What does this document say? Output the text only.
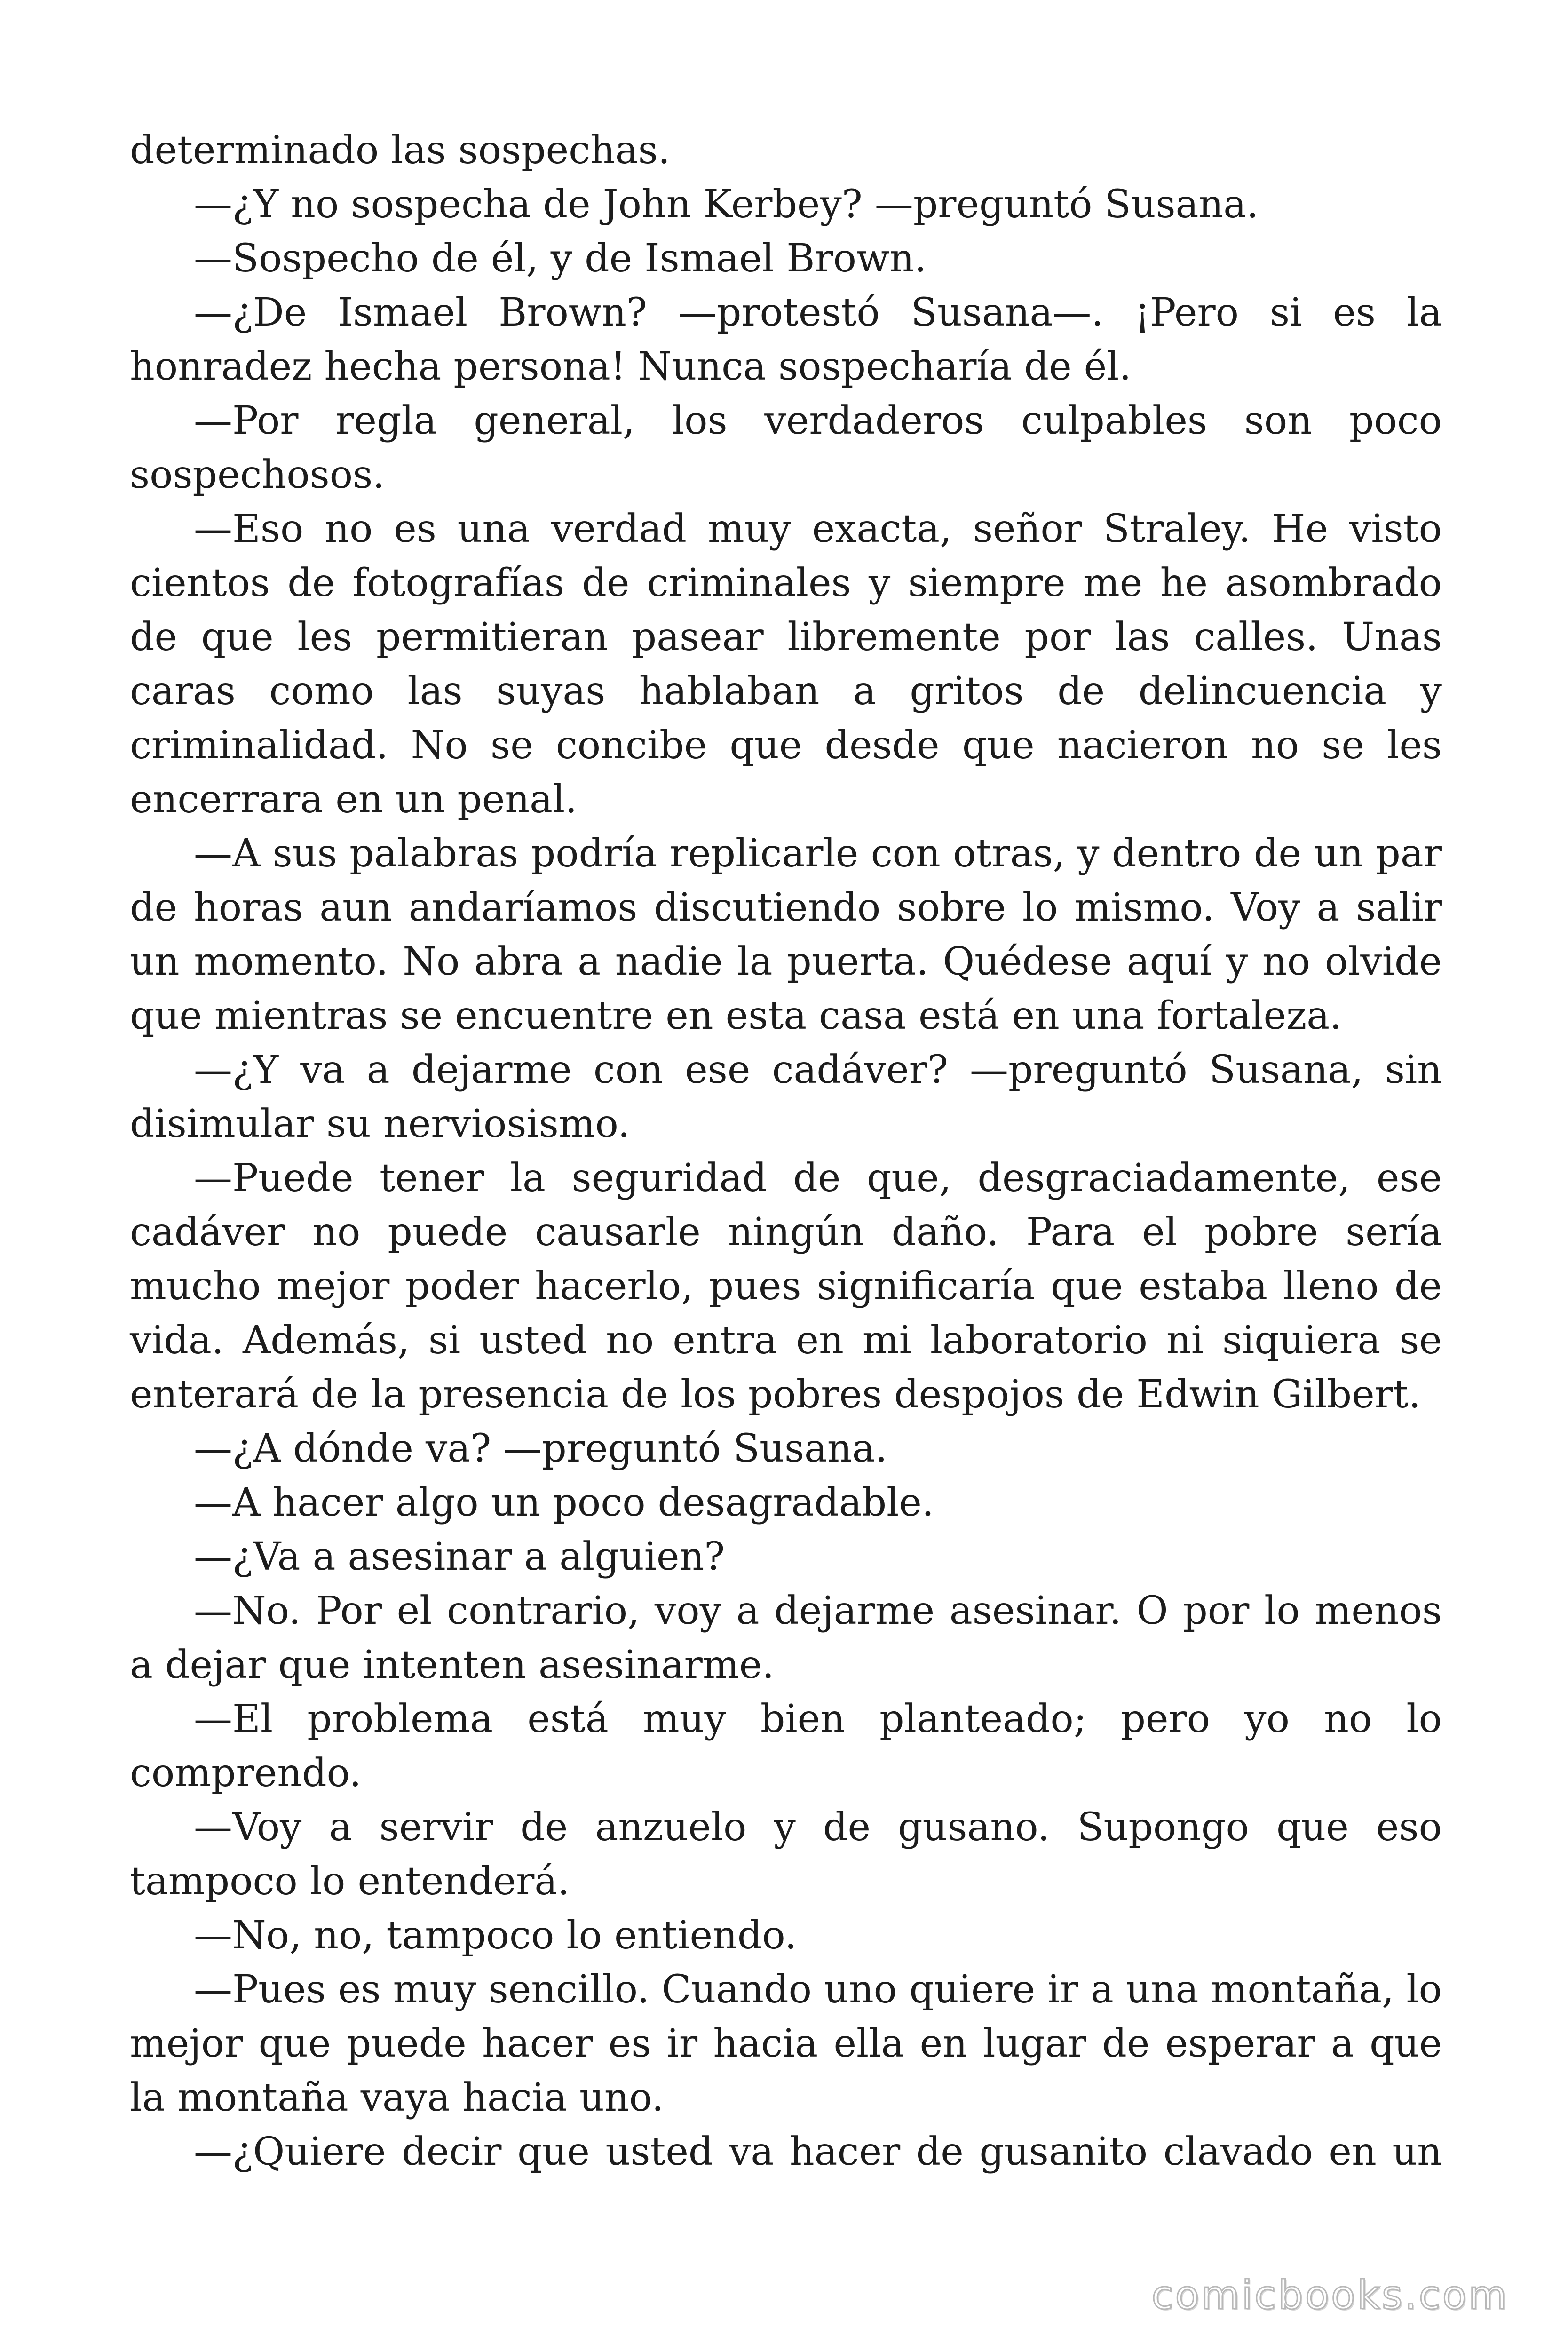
determinado las sospechas.

—¿Y no sospecha de John Kerbey? —preguntó Susana.

—Sospecho de él, y de Ismael Brown.

—¿De Ismael Brown? —protestó Susana—. ¡Pero si es la honradez hecha persona! Nunca sospecharía de él.

—Por regla general, los verdaderos culpables son poco sospechosos.

—Eso no es una verdad muy exacta, señor Straley. He visto cientos de fotografías de criminales y siempre me he asombrado de que les permitieran pasear libremente por las calles. Unas caras como las suyas hablaban a gritos de delincuencia y criminalidad. No se concibe que desde que nacieron no se les encerrara en un penal.

—A sus palabras podría replicarle con otras, y dentro de un par de horas aun andaríamos discutiendo sobre lo mismo. Voy a salir un momento. No abra a nadie la puerta. Quédese aquí y no olvide que mientras se encuentre en esta casa está en una fortaleza.

—¿Y va a dejarme con ese cadáver? —preguntó Susana, sin disimular su nerviosismo.

—Puede tener la seguridad de que, desgraciadamente, ese cadáver no puede causarle ningún daño. Para el pobre sería mucho mejor poder hacerlo, pues significaría que estaba lleno de vida. Además, si usted no entra en mi laboratorio ni siquiera se enterará de la presencia de los pobres despojos de Edwin Gilbert.

—¿A dónde va? —preguntó Susana.

—A hacer algo un poco desagradable.

—¿Va a asesinar a alguien?

—No. Por el contrario, voy a dejarme asesinar. O por lo menos a dejar que intenten asesinarme.

—El problema está muy bien planteado; pero yo no lo comprendo.

—Voy a servir de anzuelo y de gusano. Supongo que eso tampoco lo entenderá.

—No, no, tampoco lo entiendo.

—Pues es muy sencillo. Cuando uno quiere ir a una montaña, lo mejor que puede hacer es ir hacia ella en lugar de esperar a que la montaña vaya hacia uno.

—¿Quiere decir que usted va hacer de gusanito clavado en un

comicbooks.com
